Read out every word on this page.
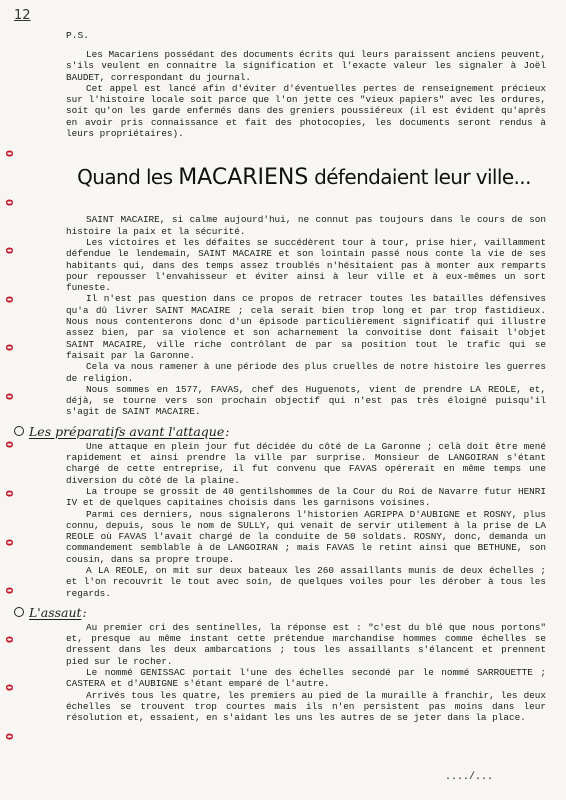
12
0
0
0
0
0
0
0
0
0
0
0
0
0
P.S.

Les Macariens possédant des documents écrits qui leurs paraissent anciens peuvent, s'ils veulent en connaitre la signification et l'exacte valeur les signaler à Joël BAUDET, correspondant du journal.

Cet appel est lancé afin d'éviter d'éventuelles pertes de renseignement précieux sur l'histoire locale soit parce que l'on jette ces "vieux papiers" avec les ordures, soit qu'on les garde enfermés dans des greniers poussiéreux (il est évident qu'après en avoir pris connaissance et fait des photocopies, les documents seront rendus à leurs propriétaires).

Quand les MACARIENS défendaient leur ville...

SAINT MACAIRE, si calme aujourd'hui, ne connut pas toujours dans le cours de son histoire la paix et la sécurité.

Les victoires et les défaites se succédèrent tour à tour, prise hier, vaillamment défendue le lendemain, SAINT MACAIRE et son lointain passé nous conte la vie de ses habitants qui, dans des temps assez troublés n'hésitaient pas à monter aux remparts pour repousser l'envahisseur et éviter ainsi à leur ville et à eux-mêmes un sort funeste.

Il n'est pas question dans ce propos de retracer toutes les batailles défensives qu'a dû livrer SAINT MACAIRE ; cela serait bien trop long et par trop fastidieux. Nous nous contenterons donc d'un épisode particulièrement significatif qui illustre assez bien, par sa violence et son acharnement la convoitise dont faisait l'objet SAINT MACAIRE, ville riche contrôlant de par sa position tout le trafic qui se faisait par la Garonne.

Cela va nous ramener à une période des plus cruelles de notre histoire les guerres de religion.

Nous sommes en 1577, FAVAS, chef des Huguenots, vient de prendre LA REOLE, et, déjà, se tourne vers son prochain objectif qui n'est pas très éloigné puisqu'il s'agit de SAINT MACAIRE.

Les préparatifs avant l'attaque :

Une attaque en plein jour fut décidée du côté de La Garonne ; celà doit être mené rapidement et ainsi prendre la ville par surprise. Monsieur de LANGOIRAN s'étant chargé de cette entreprise, il fut convenu que FAVAS opérerait en même temps une diversion du côté de la plaine.

La troupe se grossit de 40 gentilshommes de la Cour du Roi de Navarre futur HENRI IV et de quelques capitaines choisis dans les garnisons voisines.

Parmi ces derniers, nous signalerons l'historien AGRIPPA D'AUBIGNE et ROSNY, plus connu, depuis, sous le nom de SULLY, qui venait de servir utilement à la prise de LA REOLE où FAVAS l'avait chargé de la conduite de 50 soldats. ROSNY, donc, demanda un commandement semblable à de LANGOIRAN ; mais FAVAS le retint ainsi que BETHUNE, son cousin, dans sa propre troupe.

A LA REOLE, on mit sur deux bateaux les 260 assaillants munis de deux échelles ; et l'on recouvrit le tout avec soin, de quelques voiles pour les dérober à tous les regards.

L'assaut :

Au premier cri des sentinelles, la réponse est : "c'est du blé que nous portons" et, presque au même instant cette prétendue marchandise hommes comme échelles se dressent dans les deux ambarcations ; tous les assaillants s'élancent et prennent pied sur le rocher.

Le nommé GENISSAC portait l'une des échelles secondé par le nommé SARROUETTE ; CASTERA et d'AUBIGNE s'étant emparé de l'autre.

Arrivés tous les quatre, les premiers au pied de la muraille à franchir, les deux échelles se trouvent trop courtes mais ils n'en persistent pas moins dans leur résolution et, essaient, en s'aidant les uns les autres de se jeter dans la place.

..../...
